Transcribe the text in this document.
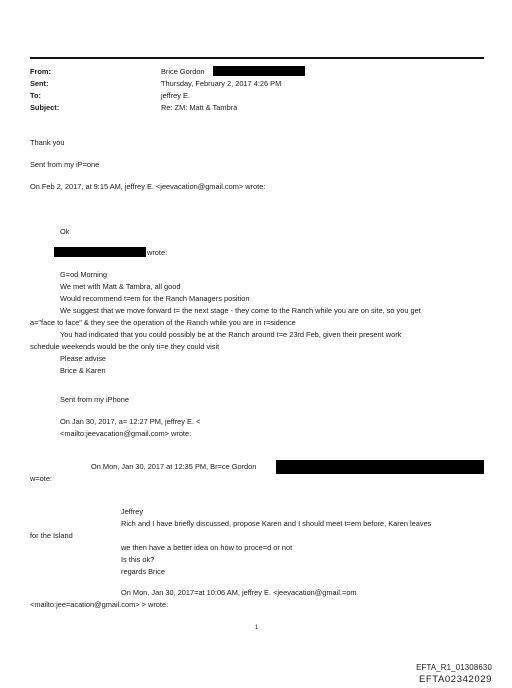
From:
Sent:
To:
Subject:
Brice Gordon
Thursday, February 2, 2017 4:26 PM
jeffrey E.
Re: ZM: Matt & Tambra
Thank you
Sent from my iP=one
On Feb 2, 2017, at 9:15 AM, jeffrey E. <jeevacation@gmail.com> wrote:
Ok
wrote:
G=od Morning
We met with Matt & Tambra, all good
Would recommend t=em for the Ranch Managers position
We suggest that we move forward t= the next stage - they come to the Ranch while you are on site, so you get
a="face to face" & they see the operation of the Ranch while you are in r=sidence
You had indicated that you could possibly be at the Ranch around t=e 23rd Feb, given their present work
schedule weekends would be the only ti=e they could visit
Please advise
Brice & Karen
Sent from my iPhone
On Jan 30, 2017, a= 12:27 PM, jeffrey E. <
<mailto:jeevacation@gmail.com> wrote:
On Mon, Jan 30, 2017 at 12:35 PM, Br=ce Gordon
w=ote:
Jeffrey
Rich and I have briefly discussed, propose Karen and I should meet t=em before, Karen leaves
for the Island
we then have a better idea on how to proce=d or not
Is this ok?
regards Brice
On Mon, Jan 30, 2017=at 10:06 AM, jeffrey E. <jeevacation@gmail.=om
<mailto:jee=acation@gmail.com> > wrote:
1
EFTA_R1_01308630
EFTA02342029
